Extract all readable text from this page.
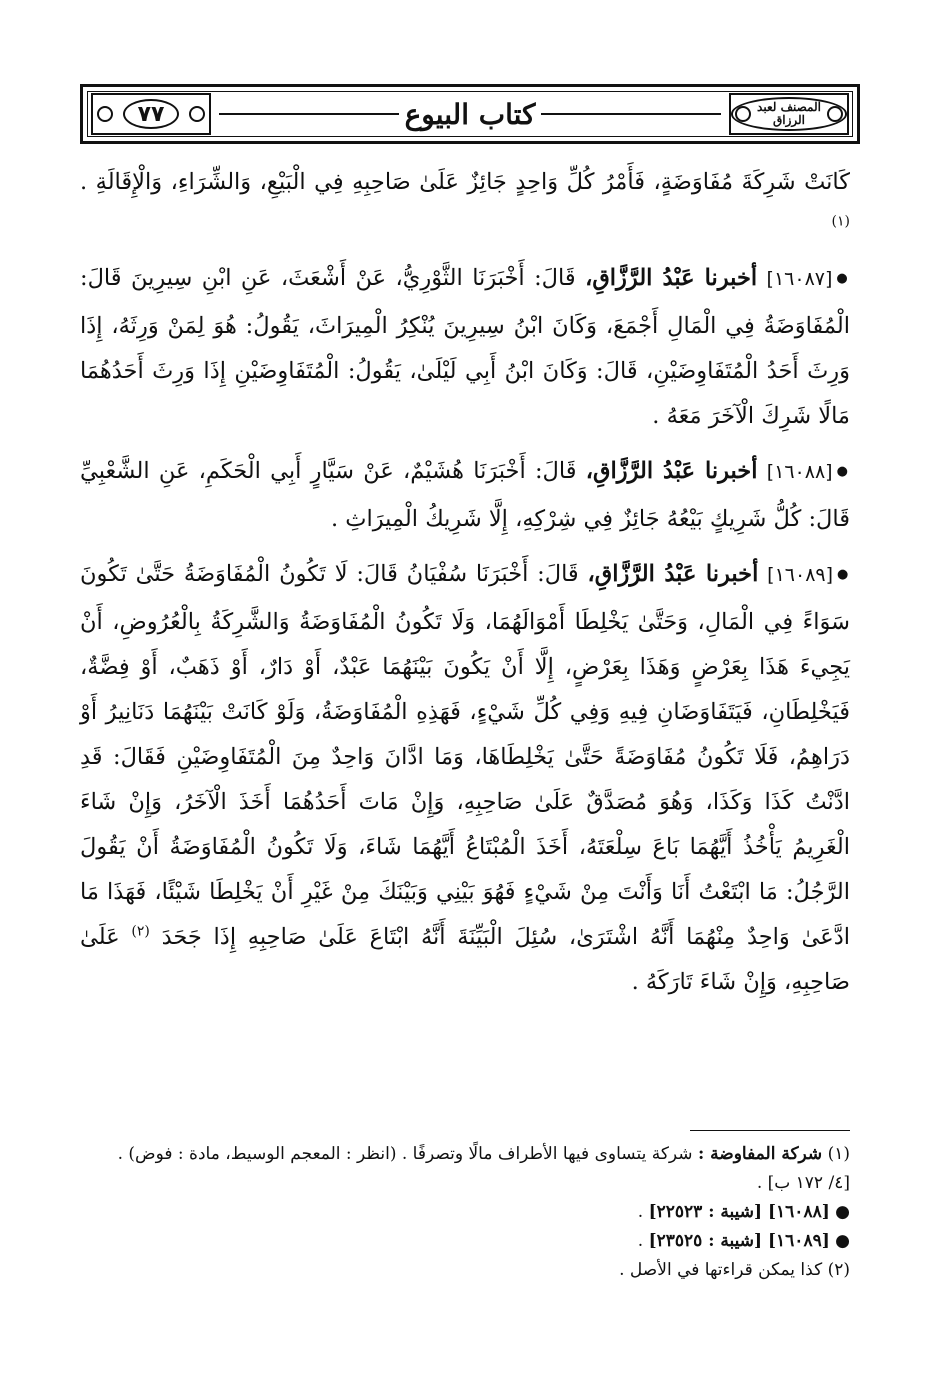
٧٧	كتاب البيوع	المصنف لعبد الرزاق

كَانَتْ شَرِكَةَ مُفَاوَضَةٍ، فَأَمْرُ كُلِّ وَاحِدٍ جَائِزٌ عَلَىٰ صَاحِبِهِ فِي الْبَيْعِ، وَالشِّرَاءِ، وَالْإِقَالَةِ . $^{(١)}$

●[١٦٠٨٧] أخبرنا عَبْدُ الرَّزَّاقِ، قَالَ: أَخْبَرَنَا الثَّوْرِيُّ، عَنْ أَشْعَثَ، عَنِ ابْنِ سِيرِينَ قَالَ: الْمُفَاوَضَةُ فِي الْمَالِ أَجْمَعَ، وَكَانَ ابْنُ سِيرِينَ يُنْكِرُ الْمِيرَاثَ، يَقُولُ: هُوَ لِمَنْ وَرِثَهُ، إِذَا وَرِثَ أَحَدُ الْمُتَفَاوِضَيْنِ، قَالَ: وَكَانَ ابْنُ أَبِي لَيْلَىٰ، يَقُولُ: الْمُتَفَاوِضَيْنِ إِذَا وَرِثَ أَحَدُهُمَا مَالًا شَرِكَ الْآخَرَ مَعَهُ .

●[١٦٠٨٨] أخبرنا عَبْدُ الرَّزَّاقِ، قَالَ: أَخْبَرَنَا هُشَيْمٌ، عَنْ سَيَّارٍ أَبِي الْحَكَمِ، عَنِ الشَّعْبِيِّ قَالَ: كُلُّ شَرِيكٍ بَيْعُهُ جَائِزٌ فِي شِرْكِهِ، إِلَّا شَرِيكُ الْمِيرَاثِ .

●[١٦٠٨٩] أخبرنا عَبْدُ الرَّزَّاقِ، قَالَ: أَخْبَرَنَا سُفْيَانُ قَالَ: لَا تَكُونُ الْمُفَاوَضَةُ حَتَّىٰ تَكُونَ سَوَاءً فِي الْمَالِ، وَحَتَّىٰ يَخْلِطَا أَمْوَالَهُمَا، وَلَا تَكُونُ الْمُفَاوَضَةُ وَالشَّرِكَةُ بِالْعُرُوضِ، أَنْ يَجِيءَ هَذَا بِعَرْضٍ وَهَذَا بِعَرْضٍ، إِلَّا أَنْ يَكُونَ بَيْنَهُمَا عَبْدٌ، أَوْ دَارٌ، أَوْ ذَهَبٌ، أَوْ فِضَّةٌ، فَيَخْلِطَانِ، فَيَتَفَاوَضَانِ فِيهِ وَفِي كُلِّ شَيْءٍ، فَهَذِهِ الْمُفَاوَضَةُ، وَلَوْ كَانَتْ بَيْنَهُمَا دَنَانِيرُ أَوْ دَرَاهِمُ، فَلَا تَكُونُ مُفَاوَضَةً حَتَّىٰ يَخْلِطَاهَا، وَمَا ادَّانَ وَاحِدٌ مِنَ الْمُتَفَاوِضَيْنِ فَقَالَ: قَدِ ادَّنْتُ كَذَا وَكَذَا، وَهُوَ مُصَدَّقٌ عَلَىٰ صَاحِبِهِ، وَإِنْ مَاتَ أَحَدُهُمَا أَخَذَ الْآخَرُ، وَإِنْ شَاءَ الْغَرِيمُ يَأْخُذُ أَيَّهُمَا بَاعَ سِلْعَتَهُ، أَخَذَ الْمُبْتَاعُ أَيَّهُمَا شَاءَ، وَلَا تَكُونُ الْمُفَاوَضَةُ أَنْ يَقُولَ الرَّجُلُ: مَا ابْتَعْتُ أَنَا وَأَنْتَ مِنْ شَيْءٍ فَهُوَ بَيْنِي وَبَيْنَكَ مِنْ غَيْرِ أَنْ يَخْلِطَا شَيْئًا، فَهَذَا مَا ادَّعَىٰ وَاحِدٌ مِنْهُمَا أَنَّهُ اشْتَرَىٰ، سُئِلَ الْبَيِّنَةَ أَنَّهُ ابْتَاعَ عَلَىٰ صَاحِبِهِ إِذَا جَحَدَ $^{(٢)}$ عَلَىٰ صَاحِبِهِ، وَإِنْ شَاءَ تَارَكَهُ .

(١) شركة المفاوضة : شركة يتساوى فيها الأطراف مالًا وتصرفًا . (انظر : المعجم الوسيط، مادة : فوض) .

[٤/ ١٧٢ ب] .

● [١٦٠٨٨] [شيبة : ٢٢٥٢٣] .

● [١٦٠٨٩] [شيبة : ٢٣٥٢٥] .

(٢) كذا يمكن قراءتها في الأصل .
